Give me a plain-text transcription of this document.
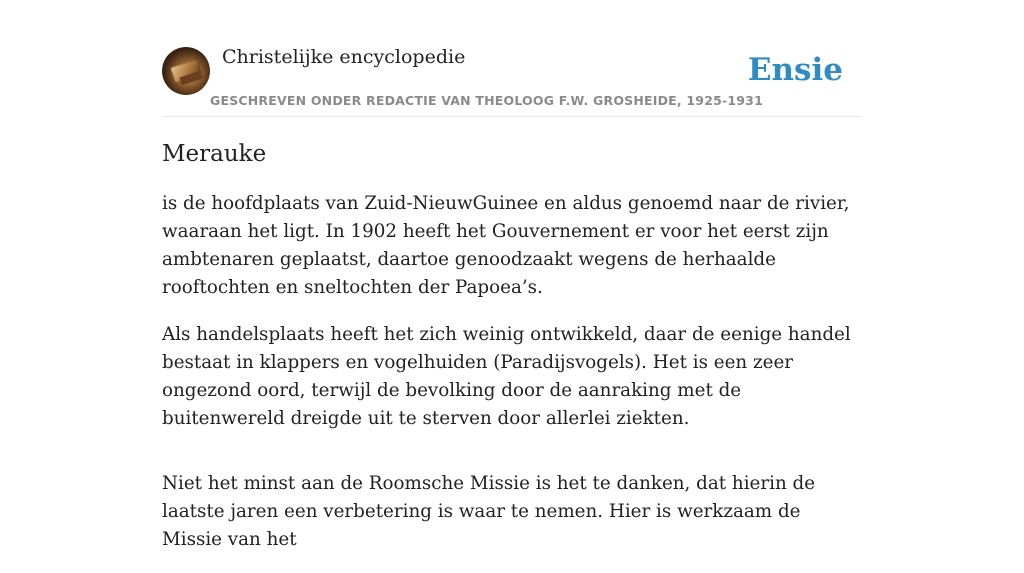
Christelijke encyclopedie
GESCHREVEN ONDER REDACTIE VAN THEOLOOG F.W. GROSHEIDE, 1925-1931
Ensie
Merauke

is de hoofdplaats van Zuid-NieuwGuinee en aldus genoemd naar de rivier, waaraan het ligt. In 1902 heeft het Gouvernement er voor het eerst zijn ambtenaren geplaatst, daartoe genoodzaakt wegens de herhaalde rooftochten en sneltochten der Papoea’s.

Als handelsplaats heeft het zich weinig ontwikkeld, daar de eenige handel bestaat in klappers en vogelhuiden (Paradijsvogels). Het is een zeer ongezond oord, terwijl de bevolking door de aanraking met de buitenwereld dreigde uit te sterven door allerlei ziekten.

Niet het minst aan de Roomsche Missie is het te danken, dat hierin de laatste jaren een verbetering is waar te nemen. Hier is werkzaam de Missie van het
